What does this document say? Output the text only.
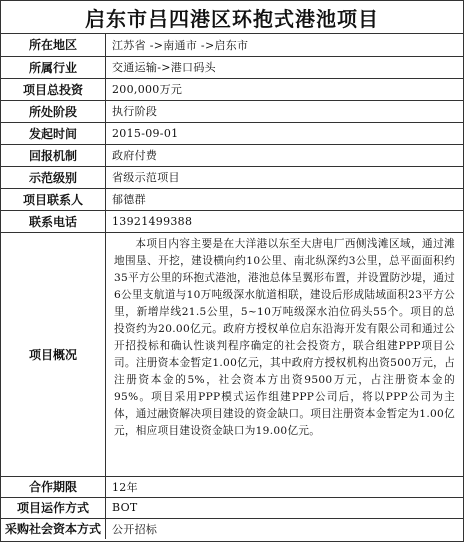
启东市吕四港区环抱式港池项目
所在地区	江苏省 ->南通市 ->启东市
所属行业	交通运输->港口码头
项目总投资	200,000万元
所处阶段	执行阶段
发起时间	2015-09-01
回报机制	政府付费
示范级别	省级示范项目
项目联系人	郁德群
联系电话	13921499388
项目概况	本项目内容主要是在大洋港以东至大唐电厂西侧浅滩区域，通过滩地围垦、开挖，建设横向约10公里、南北纵深约3公里，总平面面积约35平方公里的环抱式港池，港池总体呈翼形布置，并设置防沙堤，通过6公里支航道与10万吨级深水航道相联，建设后形成陆域面积23平方公里，新增岸线21.5公里，5~10万吨级深水泊位码头55个。项目的总投资约为20.00亿元。政府方授权单位启东沿海开发有限公司和通过公开招投标和确认性谈判程序确定的社会投资方，联合组建PPP项目公司。注册资本金暂定1.00亿元，其中政府方授权机构出资500万元，占注册资本金的5%，社会资本方出资9500万元，占注册资本金的95%。项目采用PPP模式运作组建PPP公司后，将以PPP公司为主体，通过融资解决项目建设的资金缺口。项目注册资本金暂定为1.00亿元，相应项目建设资金缺口为19.00亿元。
合作期限	12年
项目运作方式	BOT
采购社会资本方式	公开招标
